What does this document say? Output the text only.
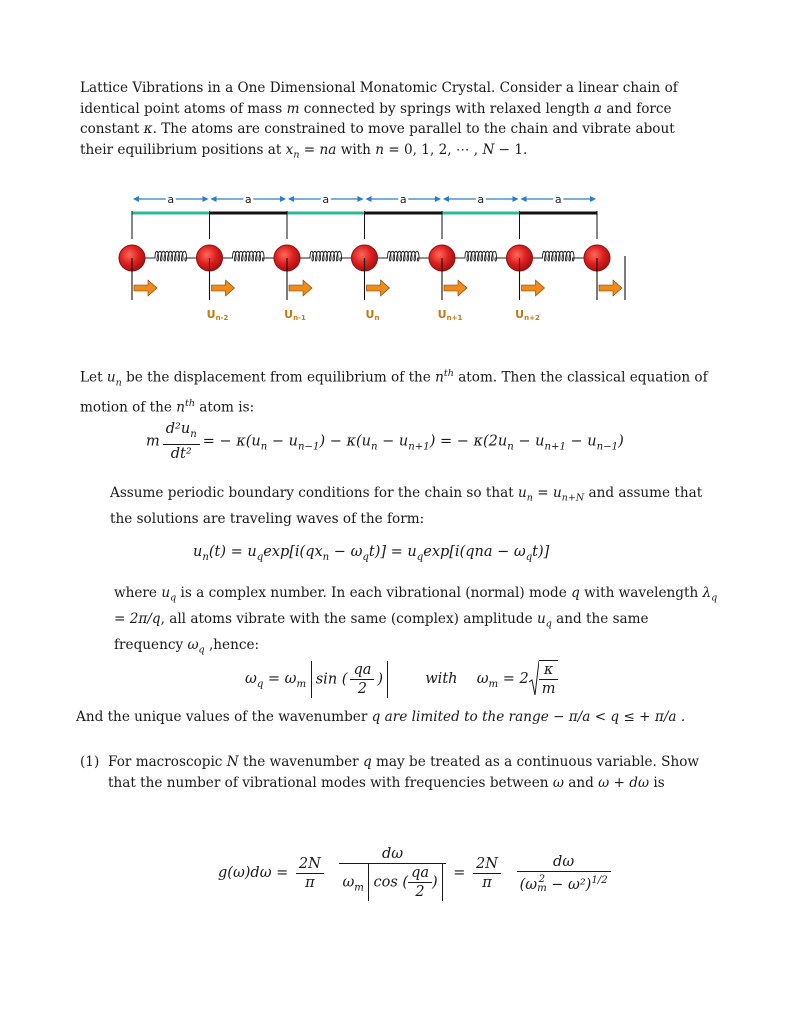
Lattice Vibrations in a One Dimensional Monatomic Crystal. Consider a linear chain of identical point atoms of mass m connected by springs with relaxed length a and force constant κ. The atoms are constrained to move parallel to the chain and vibrate about their equilibrium positions at $x_n$ = na with n = 0, 1, 2, ⋯ , N − 1.

a	a	a	a	a	a
Un-2	Un-1	Un	Un+1	Un+2

Let $u_n$ be the displacement from equilibrium of the $n^{th}$ atom. Then the classical equation of motion of the $n^{th}$ atom is:

m $\frac{d^2u_n}{\text{dt²}}$ = − $\kappa(u_n - u_{n-1}) - \kappa(u_n - u_{n+1})$ = − $\kappa(2u_n - u_{n+1} - u_{n-1})$

Assume periodic boundary conditions for the chain so that $u_n = u_{n+N}$ and assume that the solutions are traveling waves of the form:

$u_n(t) = u_q\exp[i(qx_n - \omega_qt)] = u_q\exp[i(qna - \omega_qt)]$

where $u_q$ is a complex number. In each vibrational (normal) mode q with wavelength $\lambda_q = 2\pi/q$, all atoms vibrate with the same (complex) amplitude $u_q$ and the same frequency $\omega_q$ ,hence:

$\omega_q = \omega_m$ sin ( $\frac{qa}{2}$ )	with $\omega_m = 2 \frac{\kappa}{m}$

And the unique values of the wavenumber q are limited to the range − π/a < q ≤ + π/a .

(1) For macroscopic N the wavenumber q may be treated as a continuous variable. Show that the number of vibrational modes with frequencies between ω and ω + dω is

$g(\omega)d\omega = \frac{2N}{\pi}$
$\frac{d\omega}{\omega_m \cos ( \frac{qa}{2} )} = \frac{2N}{\pi}$
dω
(ω 2
m − ω²)$^{1/2}$
